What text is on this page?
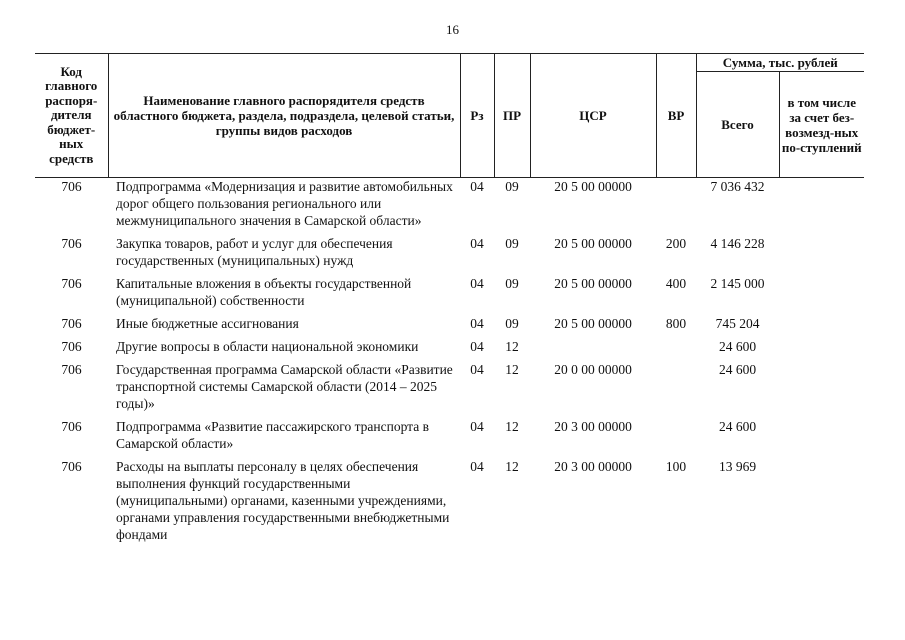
16
Код главного распоря-дителя бюджет-ных средств	Наименование главного распорядителя средств областного бюджета, раздела, подраздела, целевой статьи, группы видов расходов	Рз	ПР	ЦСР	ВР	Сумма, тыс. рублей	
						Всего	в том числе за счет без-возмезд-ных по-ступлений
706	Подпрограмма «Модернизация и развитие автомобильных дорог общего пользования регионального или межмуниципального значения в Самарской области»	04	09	20 5 00 00000		7 036 432	
706	Закупка товаров, работ и услуг для обеспечения государственных (муниципальных) нужд	04	09	20 5 00 00000	200	4 146 228	
706	Капитальные вложения в объекты государственной (муниципальной) собственности	04	09	20 5 00 00000	400	2 145 000	
706	Иные бюджетные ассигнования	04	09	20 5 00 00000	800	745 204	
706	Другие вопросы в области национальной экономики	04	12			24 600	
706	Государственная программа Самарской области «Развитие транспортной системы Самарской области (2014 – 2025 годы)»	04	12	20 0 00 00000		24 600	
706	Подпрограмма «Развитие пассажирского транспорта в Самарской области»	04	12	20 3 00 00000		24 600	
706	Расходы на выплаты персоналу в целях обеспечения выполнения функций государственными (муниципальными) органами, казенными учреждениями, органами управления государственными внебюджетными фондами	04	12	20 3 00 00000	100	13 969	
